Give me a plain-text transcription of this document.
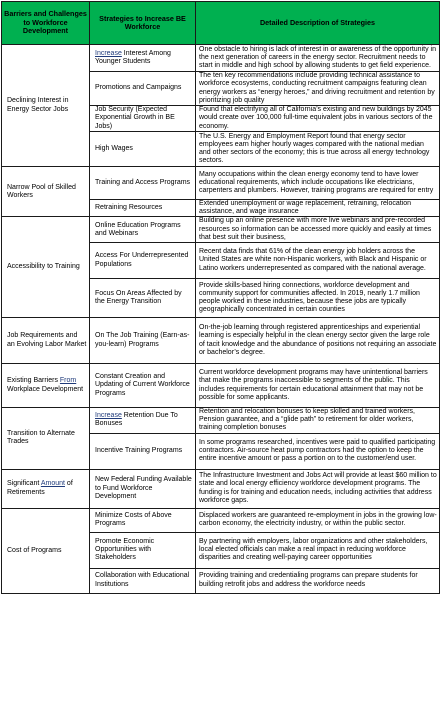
Barriers and Challenges to Workforce Development	Strategies to Increase BE Workforce	Detailed Description of Strategies
Declining Interest in Energy Sector Jobs	Increase Interest Among Younger Students	One obstacle to hiring is lack of interest in or awareness of the opportunity in the next generation of careers in the energy sector. Recruitment needs to start in middle and high school by allowing students to get field experience.
	Promotions and Campaigns	The ten key recommendations include providing technical assistance to workforce ecosystems, conducting recruitment campaigns featuring clean energy workers as “energy heroes,” and driving recruitment and retention by prioritizing job quality
	Job Security (Expected Exponential Growth in BE Jobs)	Found that electrifying all of California’s existing and new buildings by 2045 would create over 100,000 full-time equivalent jobs in various sectors of the economy.
	High Wages	The U.S. Energy and Employment Report found that energy sector employees earn higher hourly wages compared with the national median and other sectors of the economy; this is true across all energy technology sectors.
Narrow Pool of Skilled Workers	Training and Access Programs	Many occupations within the clean energy economy tend to have lower educational requirements, which include occupations like electricians, carpenters and plumbers. However, training programs are required for entry
	Retraining Resources	Extended unemployment or wage replacement, retraining, relocation assistance, and wage insurance
Accessibility to Training	Online Education Programs and Webinars	Building up an online presence with more live webinars and pre-recorded resources so information can be accessed more quickly and easily at times that best suit their business,
	Access For Underrepresented Populations	Recent data finds that 61% of the clean energy job holders across the United States are white non-Hispanic workers, with Black and Hispanic or Latino workers underrepresented as compared with the national average.
	Focus On Areas Affected by the Energy Transition	Provide skills-based hiring connections, workforce development and community support for communities affected. In 2019, nearly 1.7 million people worked in these industries, because these jobs are typically geographically concentrated in certain counties
Job Requirements and an Evolving Labor Market	On The Job Training (Earn-as-you-learn) Programs	On-the-job learning through registered apprenticeships and experiential learning is especially helpful in the clean energy sector given the large role of tacit knowledge and the abundance of positions not requiring an associate or bachelor’s degree.
Existing Barriers From Workplace Development	Constant Creation and Updating of Current Workforce Programs	Current workforce development programs may have unintentional barriers that make the programs inaccessible to segments of the public. This includes requirements for certain educational attainment that may not be possible for some applicants.
Transition to Alternate Trades	Increase Retention Due To Bonuses	Retention and relocation bonuses to keep skilled and trained workers, Pension guarantee, and a “glide path” to retirement for older workers, training completion bonuses
	Incentive Training Programs	In some programs researched, incentives were paid to qualified participating contractors. Air-source heat pump contractors had the option to keep the entire incentive amount or pass a portion on to the customer/end user.
Significant Amount of Retirements	New Federal Funding Available to Fund Workforce Development	The Infrastructure Investment and Jobs Act will provide at least $60 million to state and local energy efficiency workforce development programs. The funding is for training and education needs, including activities that address workforce gaps.
Cost of Programs	Minimize Costs of Above Programs	Displaced workers are guaranteed re-employment in jobs in the growing low-carbon economy, the electricity industry, or within the public sector.
	Promote Economic Opportunities with Stakeholders	By partnering with employers, labor organizations and other stakeholders, local elected officials can make a real impact in reducing workforce disparities and creating well-paying career opportunities
	Collaboration with Educational Institutions	Providing training and credentialing programs can prepare students for building retrofit jobs and address the workforce needs
